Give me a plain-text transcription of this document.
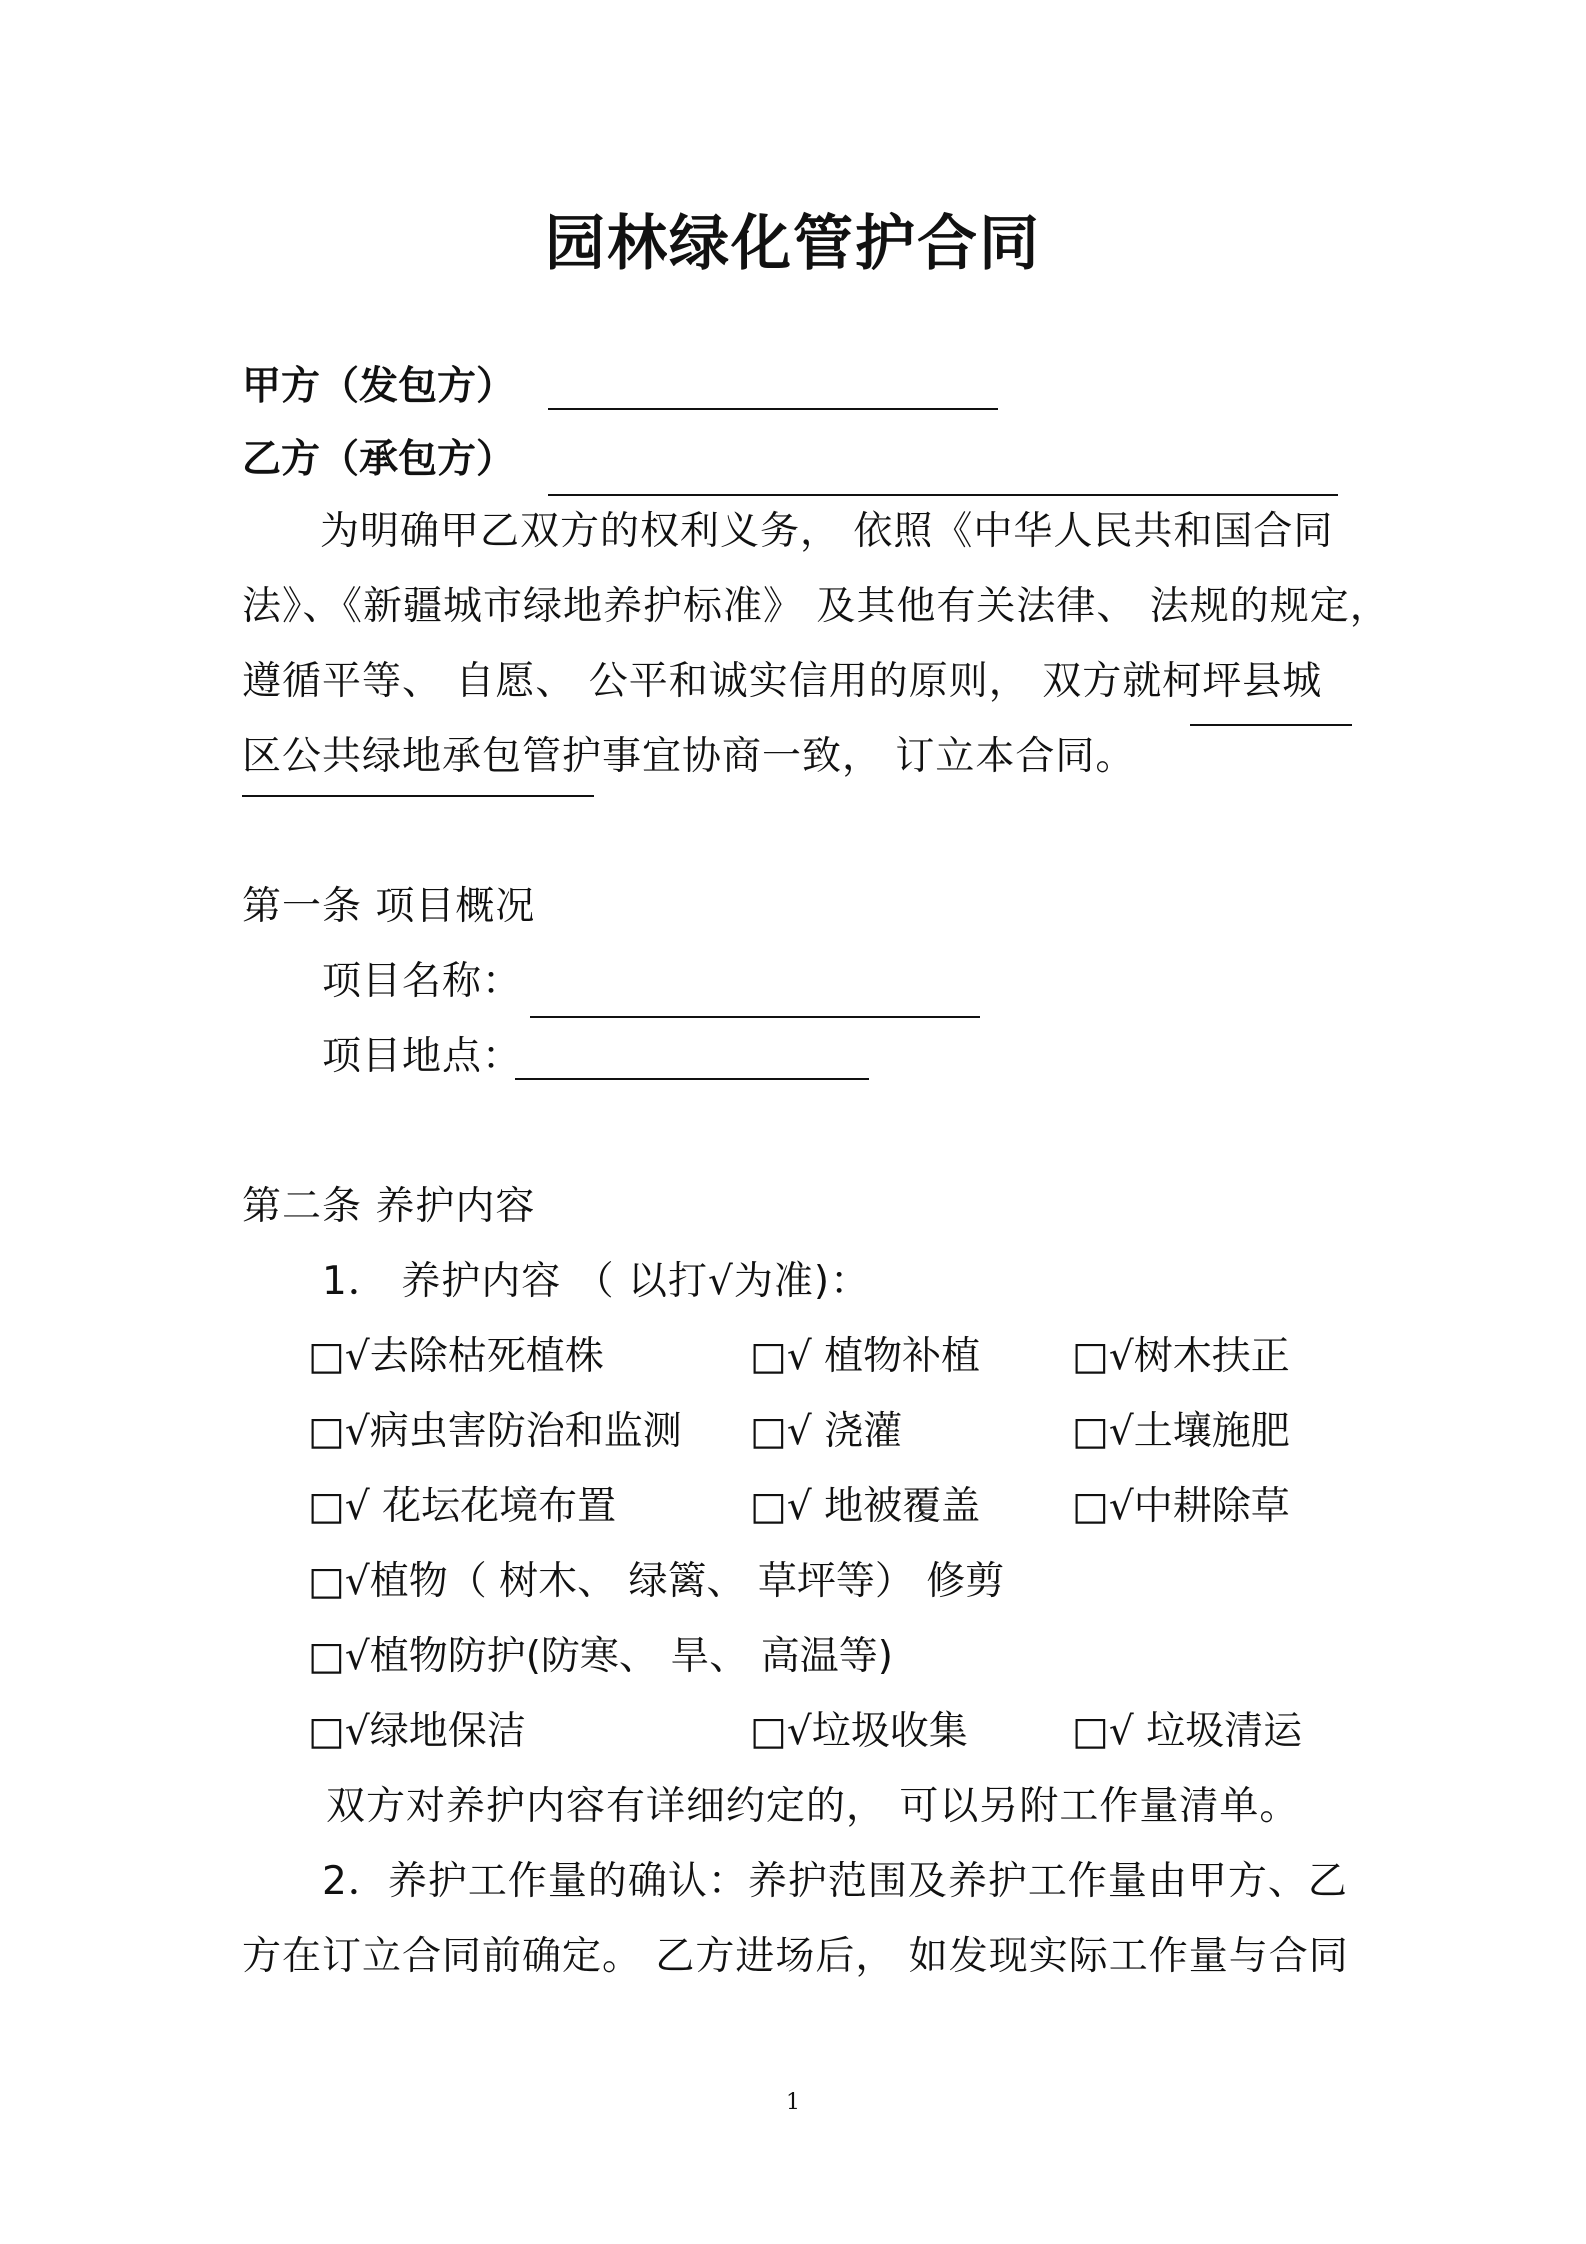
园林绿化管护合同
甲方（发包方）
乙方（承包方）
为明确甲乙双方的权利义务， 依照《中华人民共和国合同
法》、《新疆城市绿地养护标准》 及其他有关法律、 法规的规定，
遵循平等、 自愿、 公平和诚实信用的原则， 双方就柯坪县城
区公共绿地承包管护事宜协商一致， 订立本合同。
第一条 项目概况
项目名称：
项目地点：
第二条 养护内容
1． 养护内容 （ 以打√为准)：
□√去除枯死植株	□√ 植物补植 □√树木扶正
□√病虫害防治和监测 □√ 浇灌	□√土壤施肥
□√ 花坛花境布置	□√ 地被覆盖 □√中耕除草
□√植物（ 树木、 绿篱、 草坪等） 修剪
□√植物防护(防寒、 旱、 高温等)
□√绿地保洁	□√垃圾收集	□√ 垃圾清运
双方对养护内容有详细约定的， 可以另附工作量清单。
2．养护工作量的确认：养护范围及养护工作量由甲方、乙
方在订立合同前确定。 乙方进场后， 如发现实际工作量与合同
1
